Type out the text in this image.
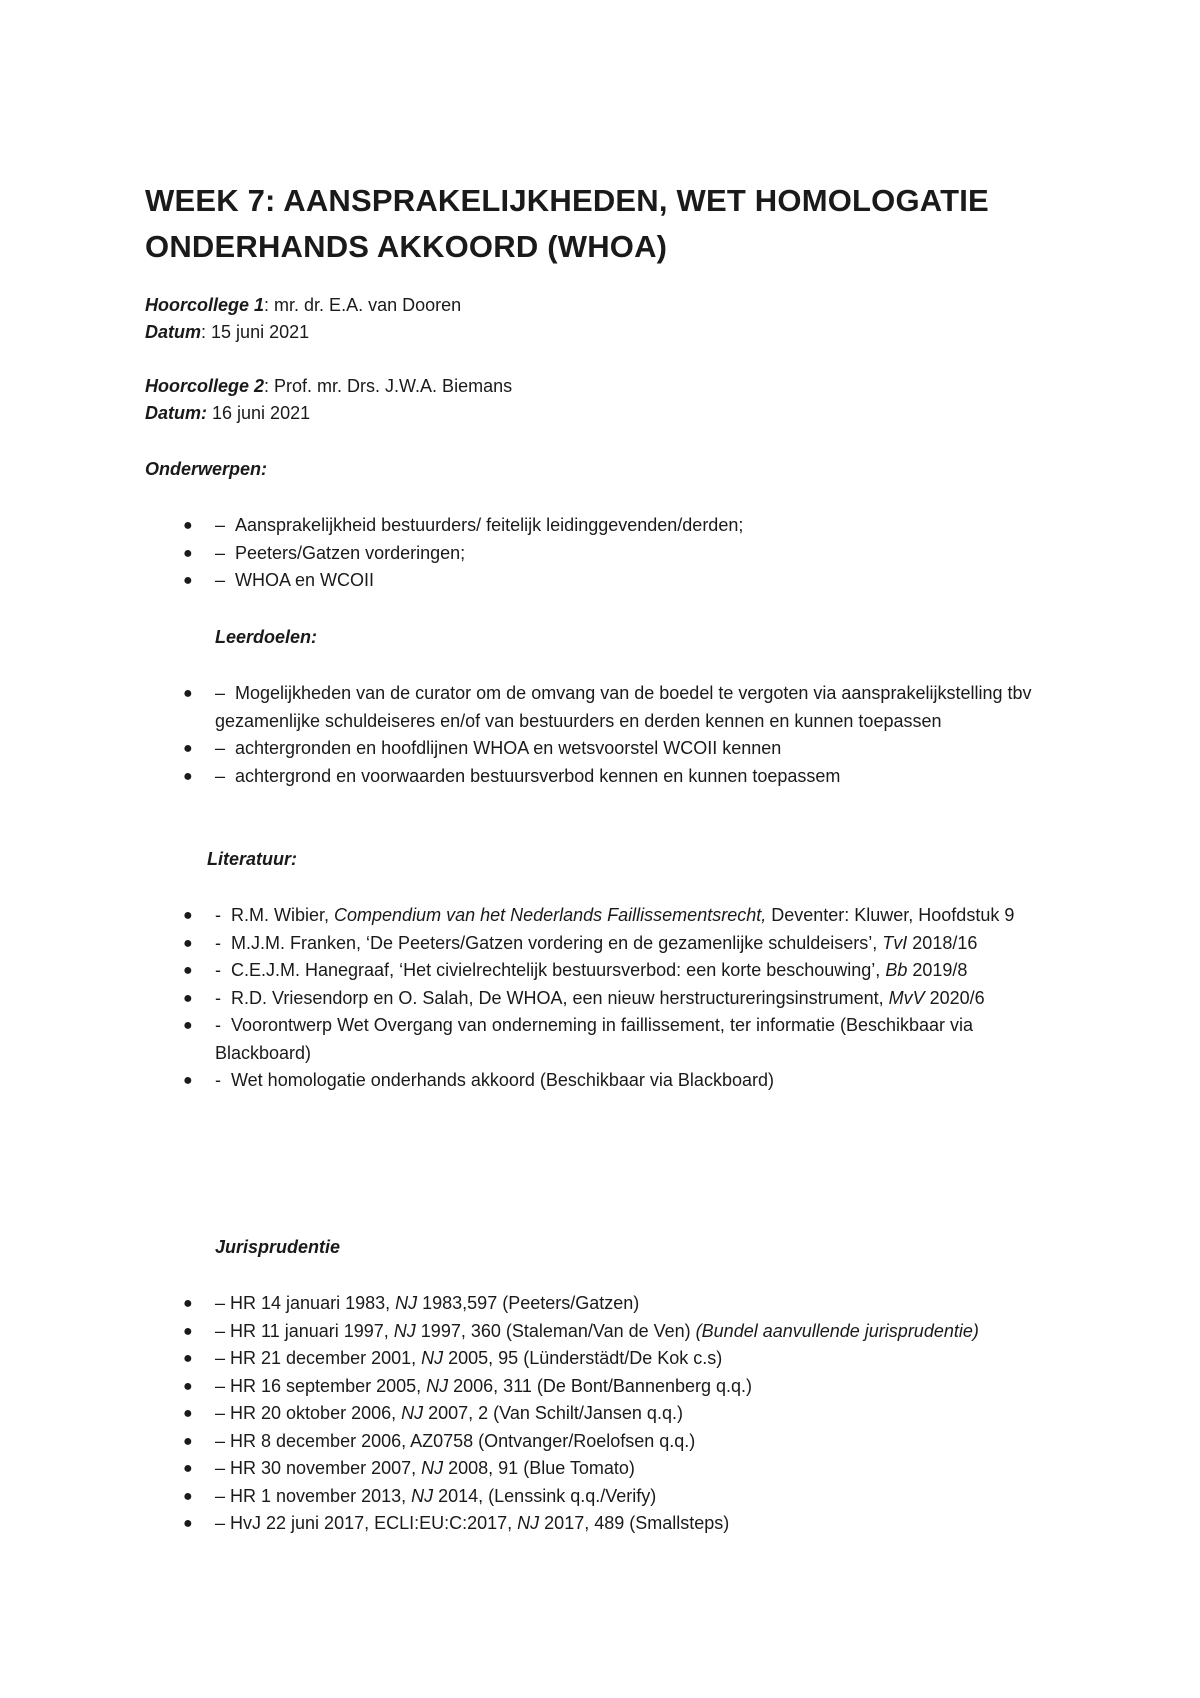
WEEK 7: AANSPRAKELIJKHEDEN, WET HOMOLOGATIE ONDERHANDS AKKOORD (WHOA)

Hoorcollege 1: mr. dr. E.A. van Dooren

Datum: 15 juni 2021

Hoorcollege 2: Prof. mr. Drs. J.W.A. Biemans

Datum: 16 juni 2021

Onderwerpen:

● –  Aansprakelijkheid bestuurders/ feitelijk leidinggevenden/derden;
● –  Peeters/Gatzen vorderingen;
● –  WHOA en WCOII

Leerdoelen:

● –  Mogelijkheden van de curator om de omvang van de boedel te vergoten via aansprakelijkstelling tbv gezamenlijke schuldeiseres en/of van bestuurders en derden kennen en kunnen toepassen
● –  achtergronden en hoofdlijnen WHOA en wetsvoorstel WCOII kennen
● –  achtergrond en voorwaarden bestuursverbod kennen en kunnen toepassem

Literatuur:

● -  R.M. Wibier, Compendium van het Nederlands Faillissementsrecht, Deventer: Kluwer, Hoofdstuk 9
● -  M.J.M. Franken, ‘De Peeters/Gatzen vordering en de gezamenlijke schuldeisers’, TvI 2018/16
● -  C.E.J.M. Hanegraaf, ‘Het civielrechtelijk bestuursverbod: een korte beschouwing’, Bb 2019/8
● -  R.D. Vriesendorp en O. Salah, De WHOA, een nieuw herstructureringsinstrument, MvV 2020/6
● -  Voorontwerp Wet Overgang van onderneming in faillissement, ter informatie (Beschikbaar via Blackboard)
● -  Wet homologatie onderhands akkoord (Beschikbaar via Blackboard)

Jurisprudentie

● – HR 14 januari 1983, NJ 1983,597 (Peeters/Gatzen)
● – HR 11 januari 1997, NJ 1997, 360 (Staleman/Van de Ven) (Bundel aanvullende jurisprudentie)
● – HR 21 december 2001, NJ 2005, 95 (Lünderstädt/De Kok c.s)
● – HR 16 september 2005, NJ 2006, 311 (De Bont/Bannenberg q.q.)
● – HR 20 oktober 2006, NJ 2007, 2 (Van Schilt/Jansen q.q.)
● – HR 8 december 2006, AZ0758 (Ontvanger/Roelofsen q.q.)
● – HR 30 november 2007, NJ 2008, 91 (Blue Tomato)
● – HR 1 november 2013, NJ 2014, (Lenssink q.q./Verify)
● – HvJ 22 juni 2017, ECLI:EU:C:2017, NJ 2017, 489 (Smallsteps)
